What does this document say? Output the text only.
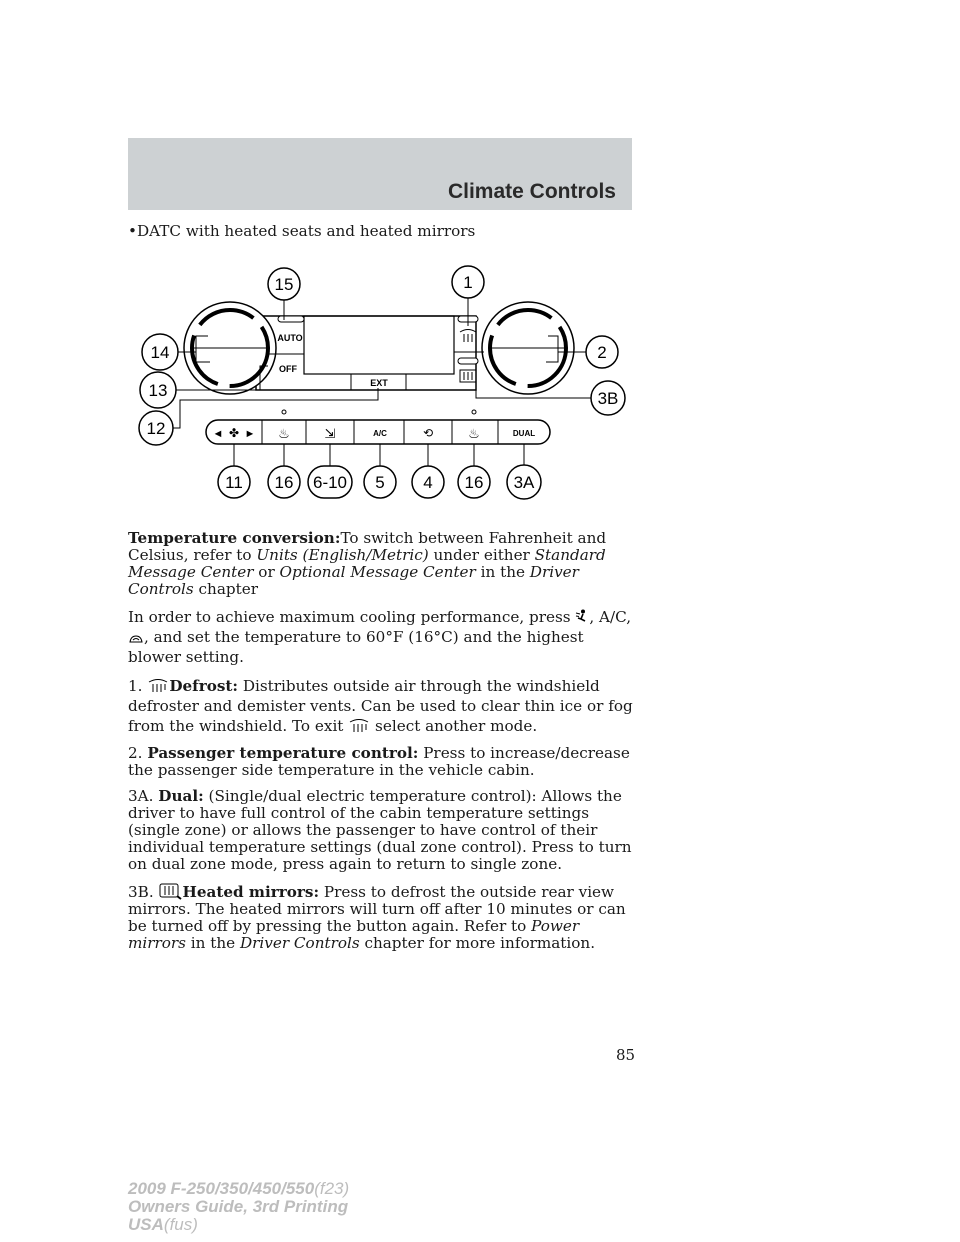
Climate Controls
•DATC with heated seats and heated mirrors
AUTO
OFF
EXT
◄ ✤ ► ♨	⇲	A/C	⟲	♨	DUAL
15	1
14	2
13	3B
12
11 16 6-10 5 4 16 3A

Temperature conversion:To switch between Fahrenheit and Celsius, refer to Units (English/Metric) under either Standard Message Center or Optional Message Center in the Driver Controls chapter

In order to achieve maximum cooling performance, press , A/C, , and set the temperature to 60°F (16°C) and the highest blower setting.

1. Defrost: Distributes outside air through the windshield defroster and demister vents. Can be used to clear thin ice or fog from the windshield. To exit  select another mode.

2. Passenger temperature control: Press to increase/decrease the passenger side temperature in the vehicle cabin.

3A. Dual: (Single/dual electric temperature control): Allows the driver to have full control of the cabin temperature settings (single zone) or allows the passenger to have control of their individual temperature settings (dual zone control). Press to turn on dual zone mode, press again to return to single zone.

3B. Heated mirrors: Press to defrost the outside rear view mirrors. The heated mirrors will turn off after 10 minutes or can be turned off by pressing the button again. Refer to Power mirrors in the Driver Controls chapter for more information.

85
2009 F-250/350/450/550(f23)
Owners Guide, 3rd Printing
USA(fus)
